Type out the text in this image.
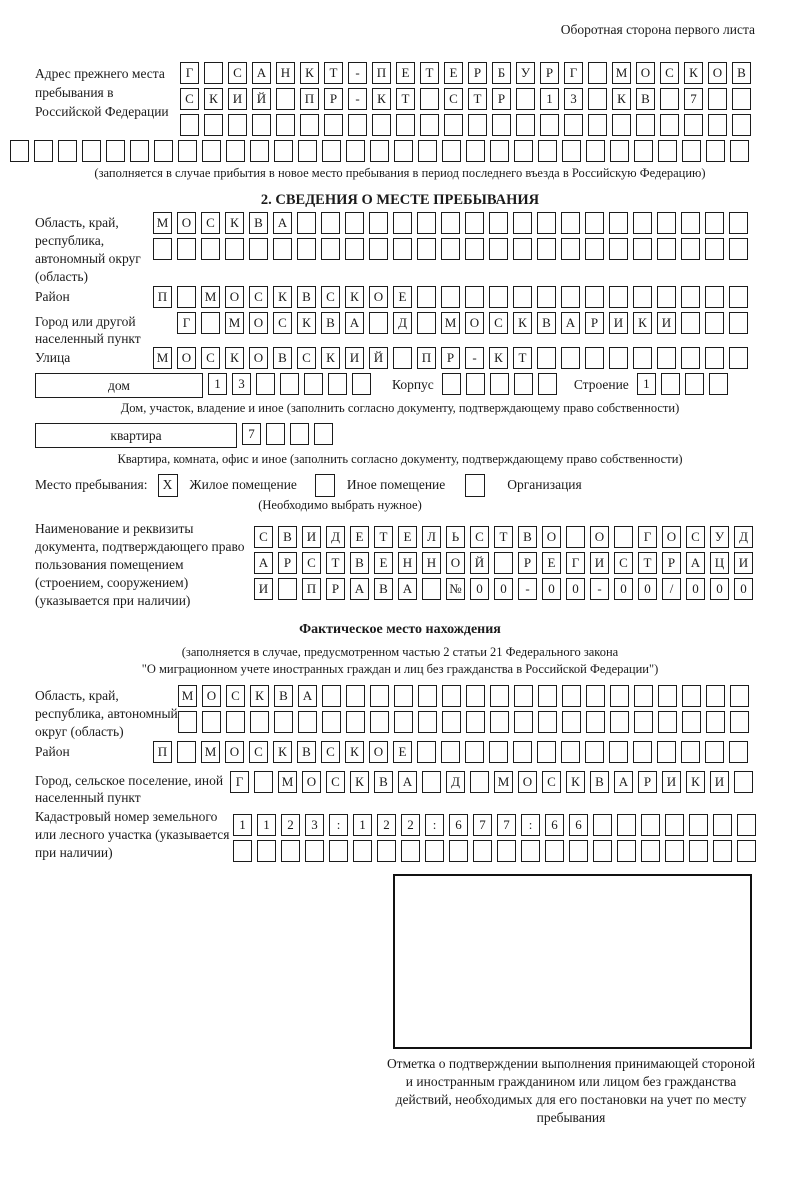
Оборотная сторона первого листа
Адрес прежнего места пребывания в Российской Федерации
Г	С А Н К Т - П Е Т Е Р Б У Р Г	М О С К О В
С К И Й	П Р - К Т	С Т Р	1 3	К В	7
(заполняется в случае прибытия в новое место пребывания в период последнего въезда в Российскую Федерацию)
2. СВЕДЕНИЯ О МЕСТЕ ПРЕБЫВАНИЯ
Область, край, республика, автономный округ (область)
М О С К В А
Район	П	М О С К В С К О Е
Город или другой населенный пункт
Г	М О С К В А	Д	М О С К В А Р И К И
Улица	М О С К О В С К И Й	П Р - К Т
дом	1 3	Корпус	Строение	1
Дом, участок, владение и иное (заполнить согласно документу, подтверждающему право собственности)
квартира	7
Квартира, комната, офис и иное (заполнить согласно документу, подтверждающему право собственности)
Место пребывания:	X	Жилое помещение	Иное помещение	Организация
(Необходимо выбрать нужное)
Наименование и реквизиты документа, подтверждающего право пользования помещением (строением, сооружением) (указывается при наличии)
С В И Д Е Т Е Л Ь С Т В О	О	Г О С У Д
А Р С Т В Е Н Н О Й	Р Е Г И С Т Р А Ц И
И	П Р А В А	№ 0 0 - 0 0 - 0 0 / 0 0 0
Фактическое место нахождения
(заполняется в случае, предусмотренном частью 2 статьи 21 Федерального закона
"О миграционном учете иностранных граждан и лиц без гражданства в Российской Федерации")
Область, край, республика, автономный округ (область)
М О С К В А
Район	П	М О С К В С К О Е
Город, сельское поселение, иной населенный пункт
Г	М О С К В А	Д	М О С К В А Р И К И
Кадастровый номер земельного или лесного участка (указывается при наличии)
1 1 2 3 : 1 2 2 : 6 7 7 : 6 6
Отметка о подтверждении выполнения принимающей стороной и иностранным гражданином или лицом без гражданства действий, необходимых для его постановки на учет по месту пребывания
